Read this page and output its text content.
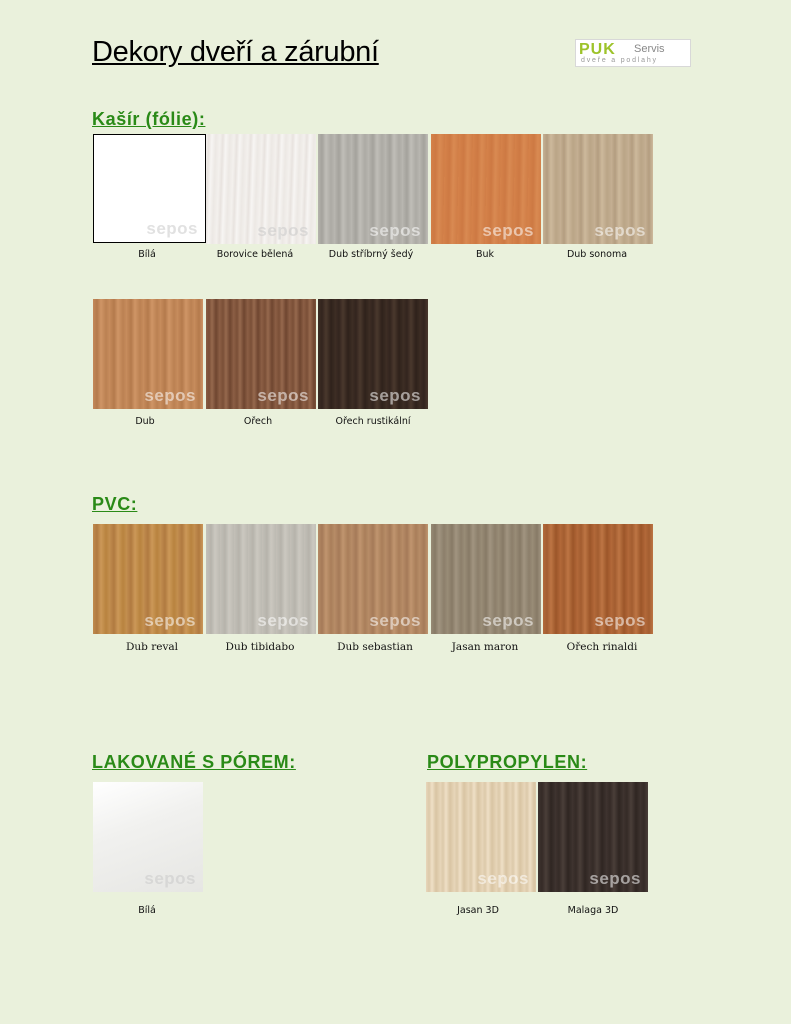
Dekory dveří a zárubní	PUK Servis
dveře a podlahy
Kašír (fólie):
sepos	sepos	sepos	sepos	sepos
Bílá	Borovice bělená	Dub stříbrný šedý	Buk	Dub sonoma
sepos	sepos	sepos
Dub	Ořech	Ořech rustikální
PVC:
sepos	sepos	sepos	sepos	sepos
Dub reval	Dub tibidabo	Dub sebastian	Jasan maron	Ořech rinaldi
LAKOVANÉ S PÓREM:
sepos
Bílá
POLYPROPYLEN:
sepos	sepos
Jasan 3D	Malaga 3D
